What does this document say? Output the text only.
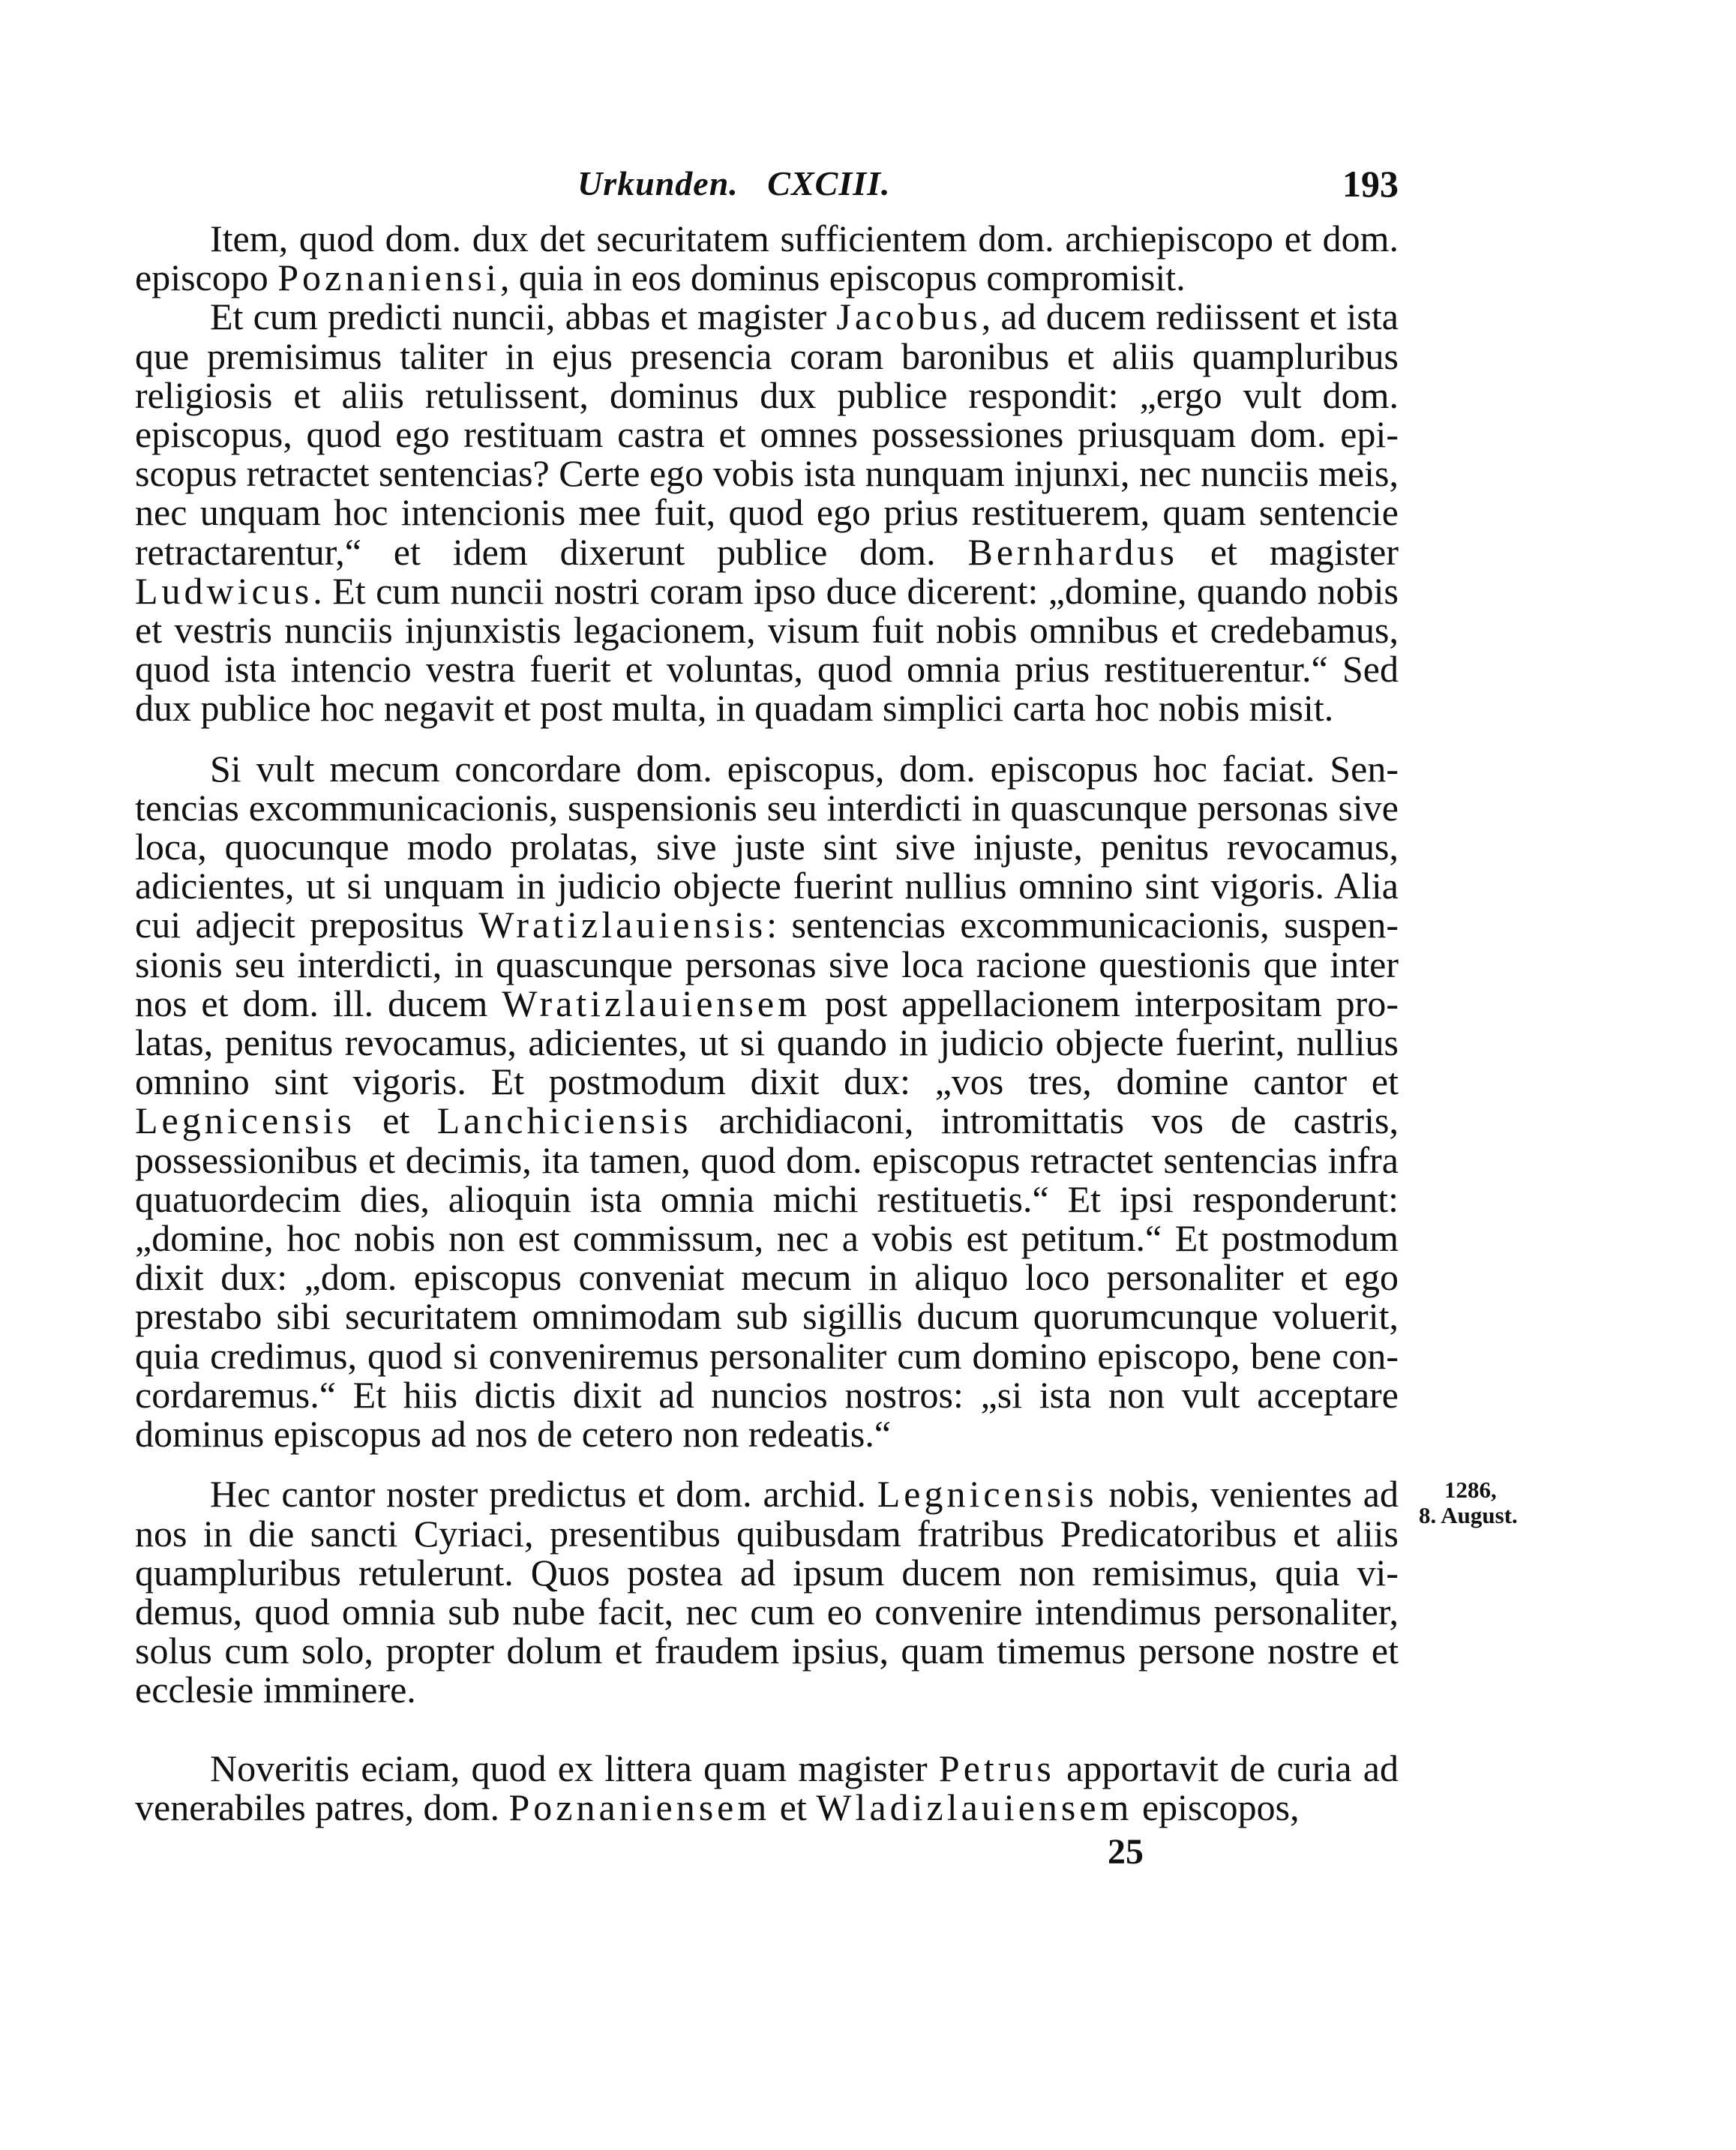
Urkunden. CXCIII.	193

Item, quod dom. dux det securitatem sufficientem dom. archiepiscopo et dom. episcopo Poznaniensi, quia in eos dominus episcopus compromisit.

Et cum predicti nuncii, abbas et magister Jacobus, ad ducem rediissent et ista que premisimus taliter in ejus presencia coram baronibus et aliis quampluribus religiosis et aliis retulissent, dominus dux publice respondit: „ergo vult dom. episcopus, quod ego restituam castra et omnes possessiones priusquam dom. episcopus retractet sentencias? Certe ego vobis ista nunquam injunxi, nec nunciis meis, nec unquam hoc intencionis mee fuit, quod ego prius restituerem, quam sentencie retractarentur,“ et idem dixerunt publice dom. Bernhardus et magister Ludwicus. Et cum nuncii nostri coram ipso duce dicerent: „domine, quando nobis et vestris nunciis injunxistis legacionem, visum fuit nobis omnibus et credebamus, quod ista intencio vestra fuerit et voluntas, quod omnia prius restituerentur.“ Sed dux publice hoc negavit et post multa, in quadam simplici carta hoc nobis misit.

Si vult mecum concordare dom. episcopus, dom. episcopus hoc faciat. Sentencias excommunicacionis, suspensionis seu interdicti in quascunque personas sive loca, quocunque modo prolatas, sive juste sint sive injuste, penitus revocamus, adicientes, ut si unquam in judicio objecte fuerint nullius omnino sint vigoris. Alia cui adjecit prepositus Wratizlauiensis: sentencias excommunicacionis, suspensionis seu interdicti, in quascunque personas sive loca racione questionis que inter nos et dom. ill. ducem Wratizlauiensem post appellacionem interpositam prolatas, penitus revocamus, adicientes, ut si quando in judicio objecte fuerint, nullius omnino sint vigoris. Et postmodum dixit dux: „vos tres, domine cantor et Legnicensis et Lanchiciensis archidiaconi, intromittatis vos de castris, possessionibus et decimis, ita tamen, quod dom. episcopus retractet sentencias infra quatuordecim dies, alioquin ista omnia michi restituetis.“ Et ipsi responderunt: „domine, hoc nobis non est commissum, nec a vobis est petitum.“ Et postmodum dixit dux: „dom. episcopus conveniat mecum in aliquo loco personaliter et ego prestabo sibi securitatem omnimodam sub sigillis ducum quorumcunque voluerit, quia credimus, quod si conveniremus personaliter cum domino episcopo, bene concordaremus.“ Et hiis dictis dixit ad nuncios nostros: „si ista non vult acceptare dominus episcopus ad nos de cetero non redeatis.“

1286,
8. August.

Hec cantor noster predictus et dom. archid. Legnicensis nobis, venientes ad nos in die sancti Cyriaci, presentibus quibusdam fratribus Predicatoribus et aliis quampluribus retulerunt. Quos postea ad ipsum ducem non remisimus, quia videmus, quod omnia sub nube facit, nec cum eo convenire intendimus personaliter, solus cum solo, propter dolum et fraudem ipsius, quam timemus persone nostre et ecclesie imminere.

Noveritis eciam, quod ex littera quam magister Petrus apportavit de curia ad venerabiles patres, dom. Poznaniensem et Wladizlauiensem episcopos,

25
